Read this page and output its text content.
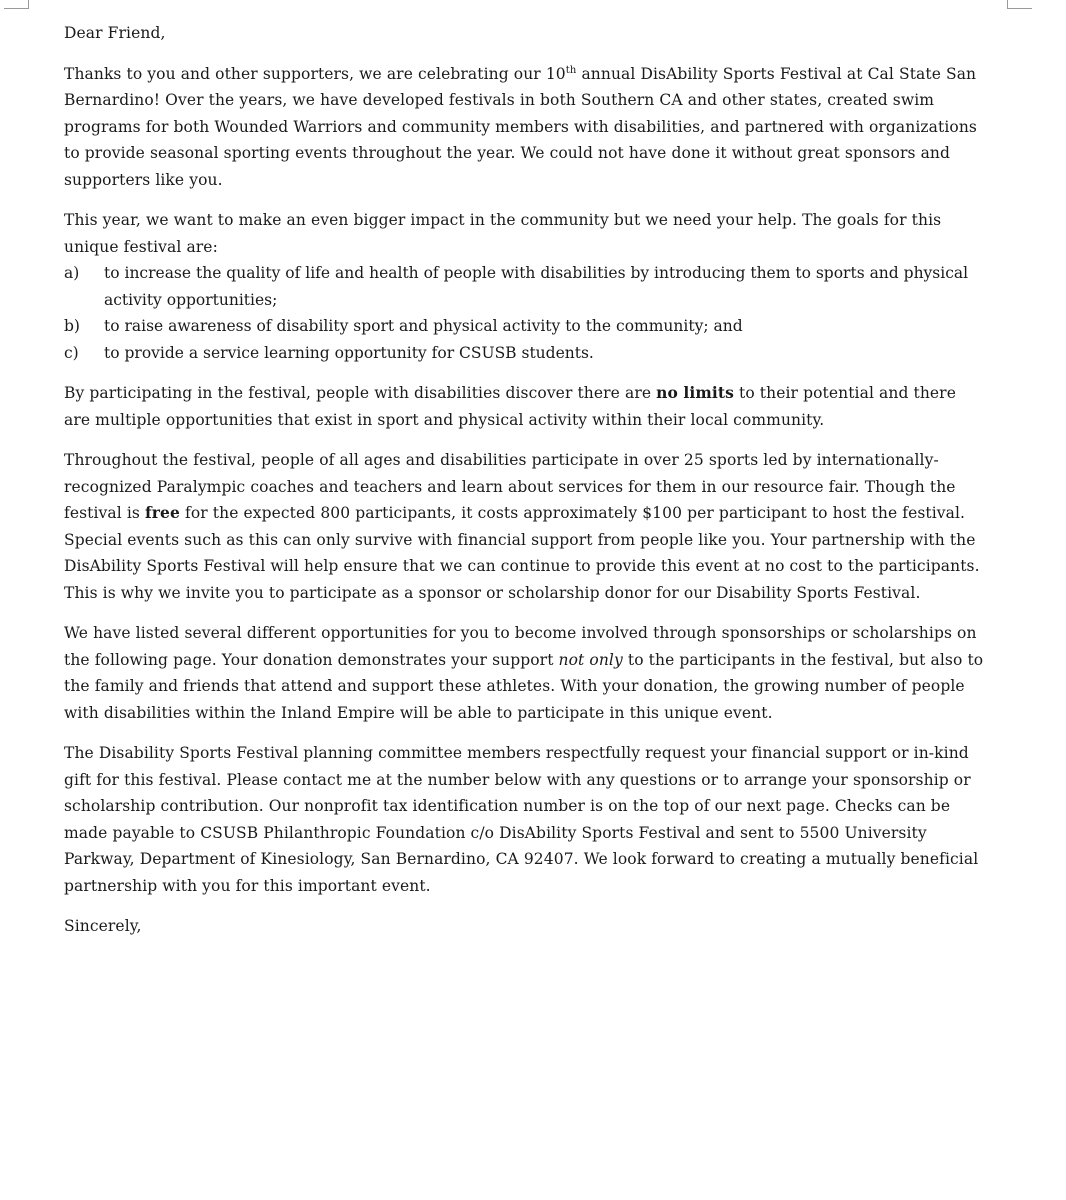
Dear Friend,

Thanks to you and other supporters, we are celebrating our 10th annual DisAbility Sports Festival at Cal State San Bernardino! Over the years, we have developed festivals in both Southern CA and other states, created swim programs for both Wounded Warriors and community members with disabilities, and partnered with organizations to provide seasonal sporting events throughout the year. We could not have done it without great sponsors and supporters like you.

This year, we want to make an even bigger impact in the community but we need your help. The goals for this unique festival are:

a) to increase the quality of life and health of people with disabilities by introducing them to sports and physical activity opportunities;
b) to raise awareness of disability sport and physical activity to the community; and
c) to provide a service learning opportunity for CSUSB students.

By participating in the festival, people with disabilities discover there are no limits to their potential and there are multiple opportunities that exist in sport and physical activity within their local community.

Throughout the festival, people of all ages and disabilities participate in over 25 sports led by internationally-recognized Paralympic coaches and teachers and learn about services for them in our resource fair. Though the festival is free for the expected 800 participants, it costs approximately $100 per participant to host the festival. Special events such as this can only survive with financial support from people like you. Your partnership with the DisAbility Sports Festival will help ensure that we can continue to provide this event at no cost to the participants. This is why we invite you to participate as a sponsor or scholarship donor for our Disability Sports Festival.

We have listed several different opportunities for you to become involved through sponsorships or scholarships on the following page. Your donation demonstrates your support not only to the participants in the festival, but also to the family and friends that attend and support these athletes. With your donation, the growing number of people with disabilities within the Inland Empire will be able to participate in this unique event.

The Disability Sports Festival planning committee members respectfully request your financial support or in-kind gift for this festival. Please contact me at the number below with any questions or to arrange your sponsorship or scholarship contribution. Our nonprofit tax identification number is on the top of our next page. Checks can be made payable to CSUSB Philanthropic Foundation c/o DisAbility Sports Festival and sent to 5500 University Parkway, Department of Kinesiology, San Bernardino, CA 92407. We look forward to creating a mutually beneficial partnership with you for this important event.

Sincerely,
